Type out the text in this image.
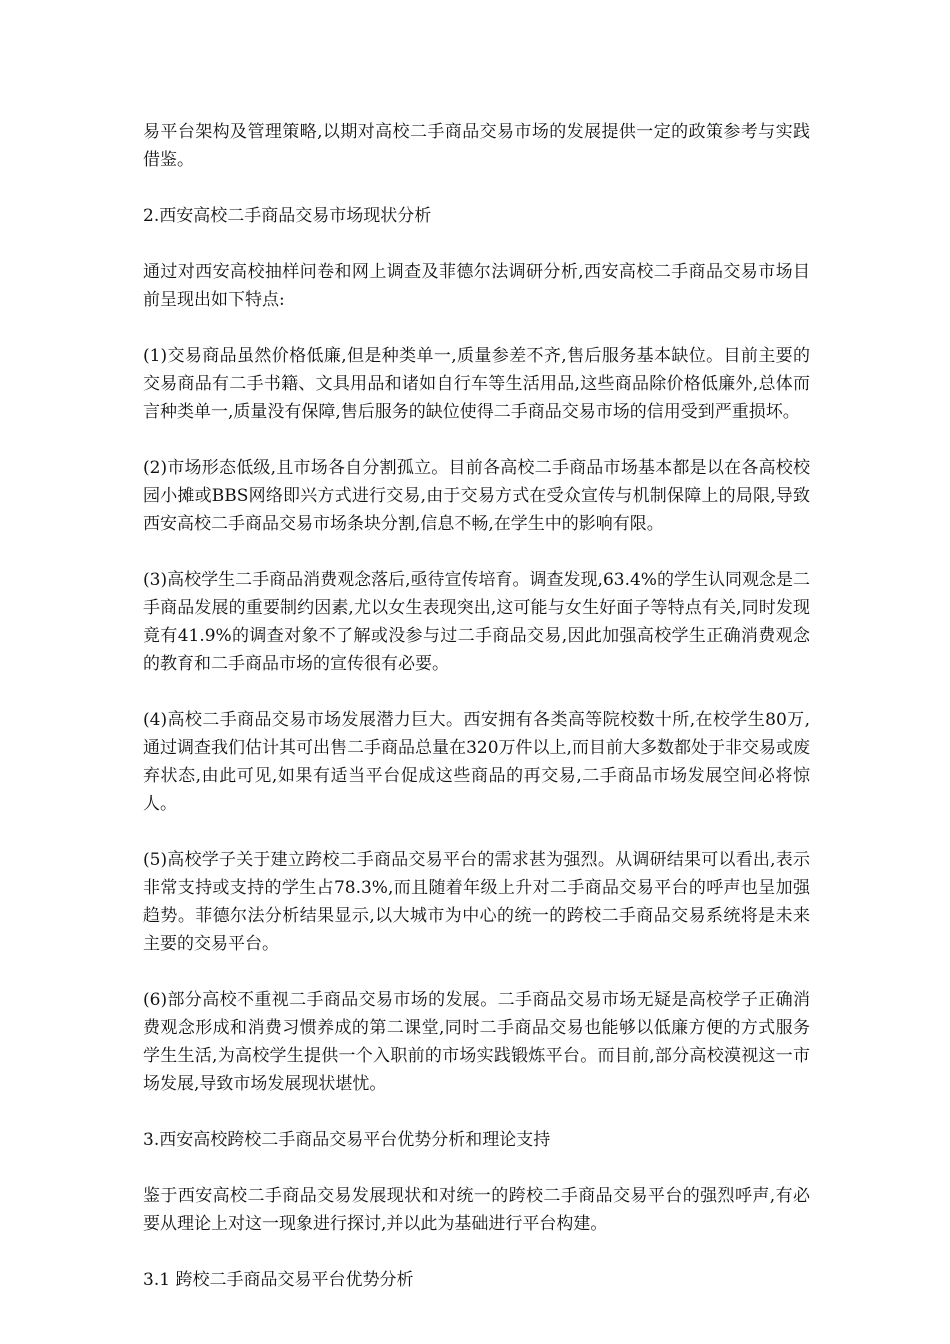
易平台架构及管理策略,以期对高校二手商品交易市场的发展提供一定的政策参考与实践借鉴。

2.西安高校二手商品交易市场现状分析

通过对西安高校抽样问卷和网上调查及菲德尔法调研分析,西安高校二手商品交易市场目前呈现出如下特点:

(1)交易商品虽然价格低廉,但是种类单一,质量参差不齐,售后服务基本缺位。目前主要的交易商品有二手书籍、文具用品和诸如自行车等生活用品,这些商品除价格低廉外,总体而言种类单一,质量没有保障,售后服务的缺位使得二手商品交易市场的信用受到严重损坏。

(2)市场形态低级,且市场各自分割孤立。目前各高校二手商品市场基本都是以在各高校校园小摊或BBS网络即兴方式进行交易,由于交易方式在受众宣传与机制保障上的局限,导致西安高校二手商品交易市场条块分割,信息不畅,在学生中的影响有限。

(3)高校学生二手商品消费观念落后,亟待宣传培育。调查发现,63.4%的学生认同观念是二手商品发展的重要制约因素,尤以女生表现突出,这可能与女生好面子等特点有关,同时发现竟有41.9%的调查对象不了解或没参与过二手商品交易,因此加强高校学生正确消费观念的教育和二手商品市场的宣传很有必要。

(4)高校二手商品交易市场发展潜力巨大。西安拥有各类高等院校数十所,在校学生80万,通过调查我们估计其可出售二手商品总量在320万件以上,而目前大多数都处于非交易或废弃状态,由此可见,如果有适当平台促成这些商品的再交易,二手商品市场发展空间必将惊人。

(5)高校学子关于建立跨校二手商品交易平台的需求甚为强烈。从调研结果可以看出,表示非常支持或支持的学生占78.3%,而且随着年级上升对二手商品交易平台的呼声也呈加强趋势。菲德尔法分析结果显示,以大城市为中心的统一的跨校二手商品交易系统将是未来主要的交易平台。

(6)部分高校不重视二手商品交易市场的发展。二手商品交易市场无疑是高校学子正确消费观念形成和消费习惯养成的第二课堂,同时二手商品交易也能够以低廉方便的方式服务学生生活,为高校学生提供一个入职前的市场实践锻炼平台。而目前,部分高校漠视这一市场发展,导致市场发展现状堪忧。

3.西安高校跨校二手商品交易平台优势分析和理论支持

鉴于西安高校二手商品交易发展现状和对统一的跨校二手商品交易平台的强烈呼声,有必要从理论上对这一现象进行探讨,并以此为基础进行平台构建。

3.1 跨校二手商品交易平台优势分析
